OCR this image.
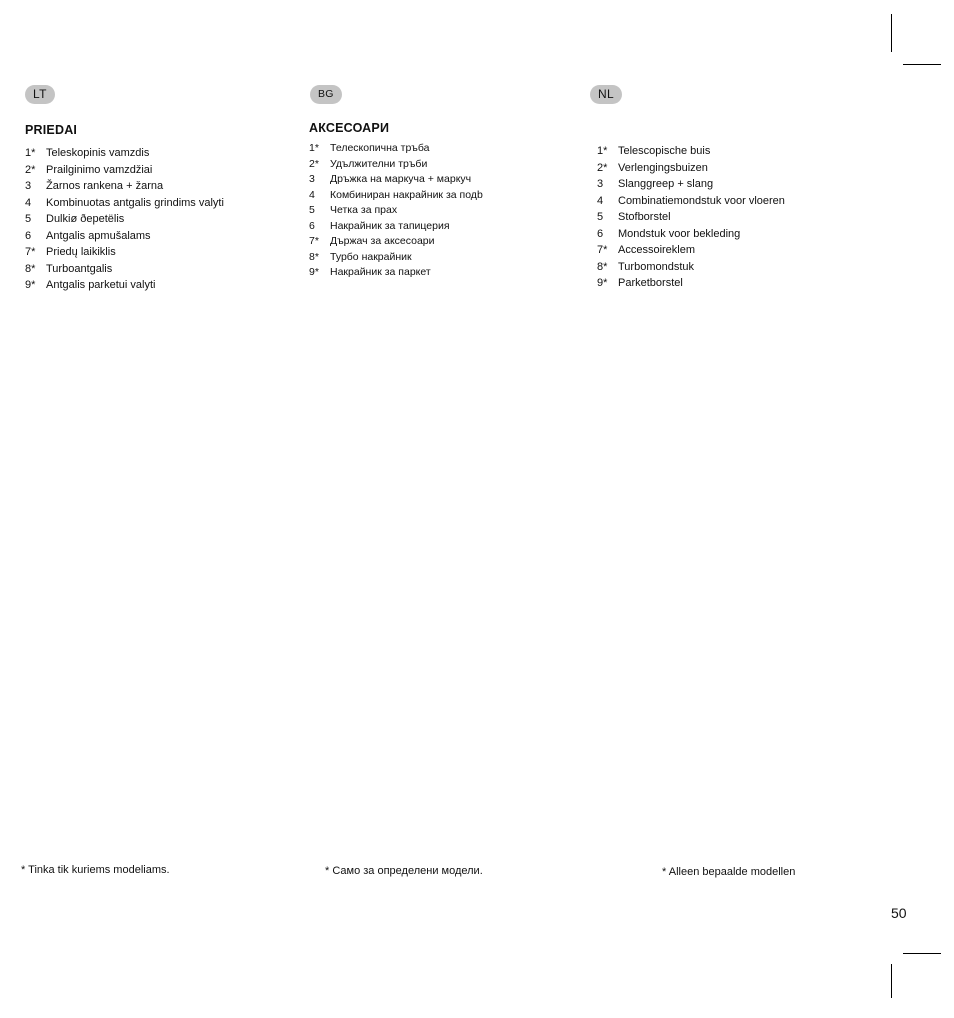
LT
PRIEDAI
1* Teleskopinis vamzdis
2* Prailginimo vamzdžiai
3	Žarnos rankena + žarna
4	Kombinuotas antgalis grindims valyti
5	Dulkiø ðepetëlis
6	Antgalis apmušalams
7* Priedų laikiklis
8* Turboantgalis
9* Antgalis parketui valyti
* Tinka tik kuriems modeliams.
BG
АКСЕСОАРИ
1*	Телескопична тръба
2*	Удължителни тръби
3	Дръжка на маркуча + маркуч
4	Комбиниран накрайник за подb
5	Четка за прах
6	Накрайник за тапицерия
7*	Държач за аксесоари
8*	Турбо накрайник
9*	Накрайник за паркет
* Само за определени модели.
NL
1* Telescopische buis
2* Verlengingsbuizen
3	Slanggreep + slang
4	Combinatiemondstuk voor vloeren
5	Stofborstel
6	Mondstuk voor bekleding
7* Accessoireklem
8* Turbomondstuk
9* Parketborstel
* Alleen bepaalde modellen
50
